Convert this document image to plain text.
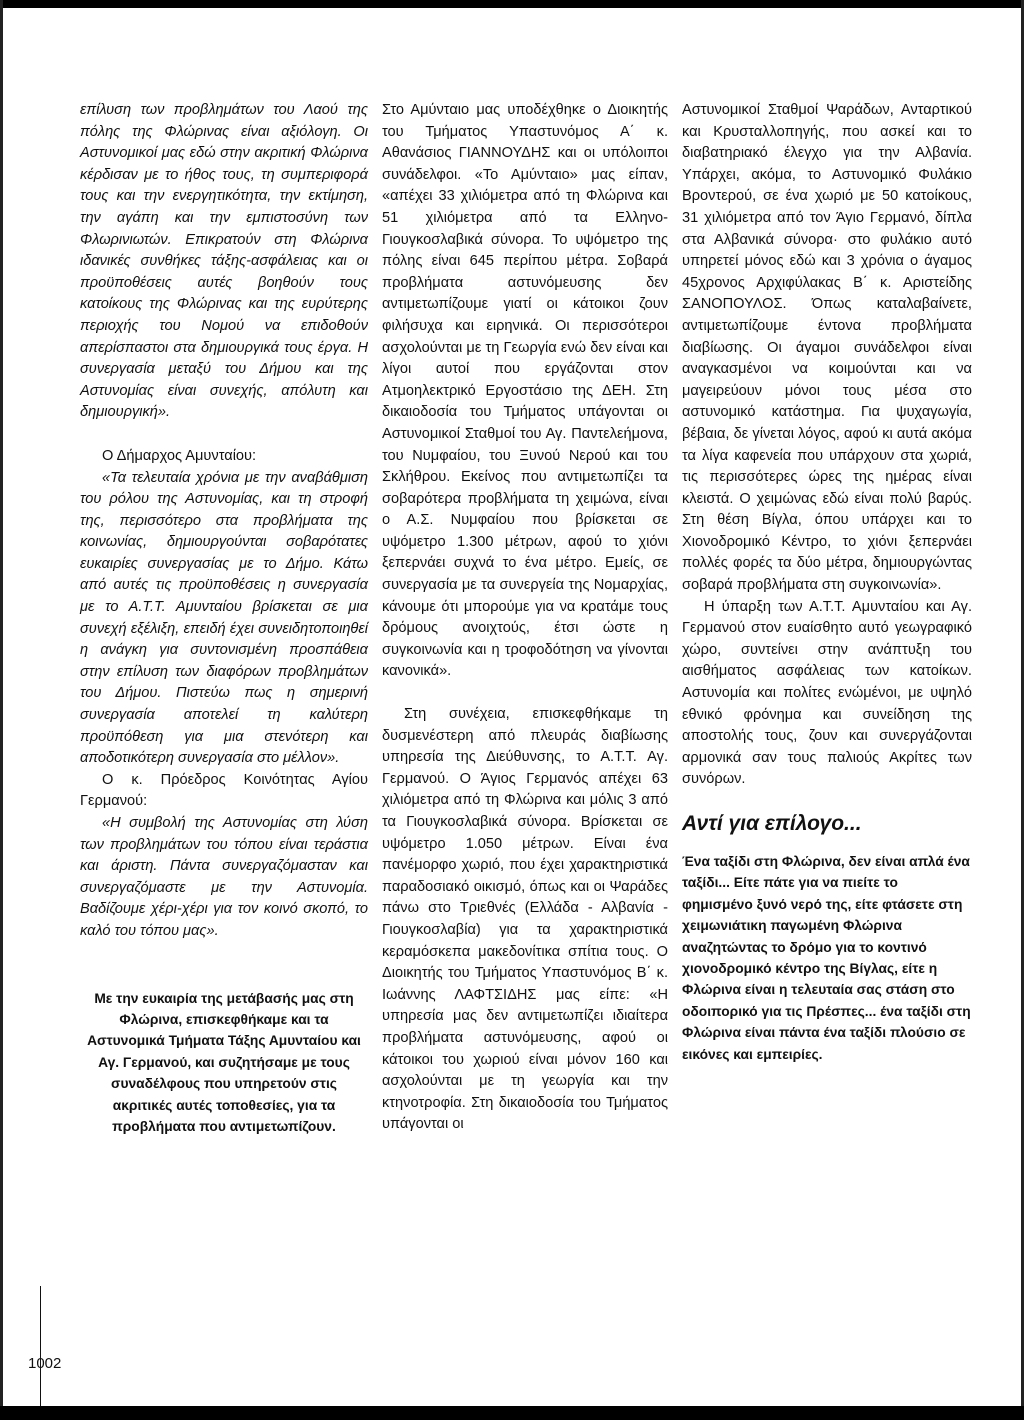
επίλυση των προβλημάτων του Λαού της πόλης της Φλώρινας είναι αξιόλογη. Οι Αστυνομικοί μας εδώ στην ακριτική Φλώρινα κέρδισαν με το ήθος τους, τη συμπεριφορά τους και την ενεργητικότητα, την εκτίμηση, την αγάπη και την εμπιστοσύνη των Φλωρινιωτών. Επικρατούν στη Φλώρινα ιδανικές συνθήκες τάξης-ασφάλειας και οι προϋποθέσεις αυτές βοηθούν τους κατοίκους της Φλώρινας και της ευρύτερης περιοχής του Νομού να επιδοθούν απερίσπαστοι στα δημιουργικά τους έργα. Η συνεργασία μεταξύ του Δήμου και της Αστυνομίας είναι συνεχής, απόλυτη και δημιουργική».

Ο Δήμαρχος Αμυνταίου:

«Τα τελευταία χρόνια με την αναβάθμιση του ρόλου της Αστυνομίας, και τη στροφή της, περισσότερο στα προβλήματα της κοινωνίας, δημιουργούνται σοβαρότατες ευκαιρίες συνεργασίας με το Δήμο. Κάτω από αυτές τις προϋποθέσεις η συνεργασία με το Α.Τ.Τ. Αμυνταίου βρίσκεται σε μια συνεχή εξέλιξη, επειδή έχει συνειδητοποιηθεί η ανάγκη για συντονισμένη προσπάθεια στην επίλυση των διαφόρων προβλημάτων του Δήμου. Πιστεύω πως η σημερινή συνεργασία αποτελεί τη καλύτερη προϋπόθεση για μια στενότερη και αποδοτικότερη συνεργασία στο μέλλον».

Ο κ. Πρόεδρος Κοινότητας Αγίου Γερμανού:

«Η συμβολή της Αστυνομίας στη λύση των προβλημάτων του τόπου είναι τεράστια και άριστη. Πάντα συνεργαζόμασταν και συνεργαζόμαστε με την Αστυνομία. Βαδίζουμε χέρι-χέρι για τον κοινό σκοπό, το καλό του τόπου μας».

Με την ευκαιρία της μετάβασής μας στη Φλώρινα, επισκεφθήκαμε και τα Αστυνομικά Τμήματα Τάξης Αμυνταίου και Αγ. Γερμανού, και συζητήσαμε με τους συναδέλφους που υπηρετούν στις ακριτικές αυτές τοποθεσίες, για τα προβλήματα που αντιμετωπίζουν.

Στο Αμύνταιο μας υποδέχθηκε ο Διοικητής του Τμήματος Υπαστυνόμος Α΄ κ. Αθανάσιος ΓΙΑΝΝΟΥΔΗΣ και οι υπόλοιποι συνάδελφοι. «Το Αμύνταιο» μας είπαν, «απέχει 33 χιλιόμετρα από τη Φλώρινα και 51 χιλιόμετρα από τα Ελληνο-Γιουγκοσλαβικά σύνορα. Το υψόμετρο της πόλης είναι 645 περίπου μέτρα. Σοβαρά προβλήματα αστυνόμευσης δεν αντιμετωπίζουμε γιατί οι κάτοικοι ζουν φιλήσυχα και ειρηνικά. Οι περισσότεροι ασχολούνται με τη Γεωργία ενώ δεν είναι και λίγοι αυτοί που εργάζονται στον Ατμοηλεκτρικό Εργοστάσιο της ΔΕΗ. Στη δικαιοδοσία του Τμήματος υπάγονται οι Αστυνομικοί Σταθμοί του Αγ. Παντελεήμονα, του Νυμφαίου, του Ξυνού Νερού και του Σκλήθρου. Εκείνος που αντιμετωπίζει τα σοβαρότερα προβλήματα τη χειμώνα, είναι ο Α.Σ. Νυμφαίου που βρίσκεται σε υψόμετρο 1.300 μέτρων, αφού το χιόνι ξεπερνάει συχνά το ένα μέτρο. Εμείς, σε συνεργασία με τα συνεργεία της Νομαρχίας, κάνουμε ότι μπορούμε για να κρατάμε τους δρόμους ανοιχτούς, έτσι ώστε η συγκοινωνία και η τροφοδότηση να γίνονται κανονικά».

Στη συνέχεια, επισκεφθήκαμε τη δυσμενέστερη από πλευράς διαβίωσης υπηρεσία της Διεύθυνσης, το Α.Τ.Τ. Αγ. Γερμανού. Ο Άγιος Γερμανός απέχει 63 χιλιόμετρα από τη Φλώρινα και μόλις 3 από τα Γιουγκοσλαβικά σύνορα. Βρίσκεται σε υψόμετρο 1.050 μέτρων. Είναι ένα πανέμορφο χωριό, που έχει χαρακτηριστικά παραδοσιακό οικισμό, όπως και οι Ψαράδες πάνω στο Τριεθνές (Ελλάδα - Αλβανία - Γιουγκοσλαβία) για τα χαρακτηριστικά κεραμόσκεπα μακεδονίτικα σπίτια τους. Ο Διοικητής του Τμήματος Υπαστυνόμος Β΄ κ. Ιωάννης ΛΑΦΤΣΙΔΗΣ μας είπε: «Η υπηρεσία μας δεν αντιμετωπίζει ιδιαίτερα προβλήματα αστυνόμευσης, αφού οι κάτοικοι του χωριού είναι μόνον 160 και ασχολούνται με τη γεωργία και την κτηνοτροφία. Στη δικαιοδοσία του Τμήματος υπάγονται οι

Αστυνομικοί Σταθμοί Ψαράδων, Ανταρτικού και Κρυσταλλοπηγής, που ασκεί και το διαβατηριακό έλεγχο για την Αλβανία. Υπάρχει, ακόμα, το Αστυνομικό Φυλάκιο Βροντερού, σε ένα χωριό με 50 κατοίκους, 31 χιλιόμετρα από τον Άγιο Γερμανό, δίπλα στα Αλβανικά σύνορα· στο φυλάκιο αυτό υπηρετεί μόνος εδώ και 3 χρόνια ο άγαμος 45χρονος Αρχιφύλακας Β΄ κ. Αριστείδης ΣΑΝΟΠΟΥΛΟΣ. Όπως καταλαβαίνετε, αντιμετωπίζουμε έντονα προβλήματα διαβίωσης. Οι άγαμοι συνάδελφοι είναι αναγκασμένοι να κοιμούνται και να μαγειρεύουν μόνοι τους μέσα στο αστυνομικό κατάστημα. Για ψυχαγωγία, βέβαια, δε γίνεται λόγος, αφού κι αυτά ακόμα τα λίγα καφενεία που υπάρχουν στα χωριά, τις περισσότερες ώρες της ημέρας είναι κλειστά. Ο χειμώνας εδώ είναι πολύ βαρύς. Στη θέση Βίγλα, όπου υπάρχει και το Χιονοδρομικό Κέντρο, το χιόνι ξεπερνάει πολλές φορές τα δύο μέτρα, δημιουργώντας σοβαρά προβλήματα στη συγκοινωνία».

Η ύπαρξη των Α.Τ.Τ. Αμυνταίου και Αγ. Γερμανού στον ευαίσθητο αυτό γεωγραφικό χώρο, συντείνει στην ανάπτυξη του αισθήματος ασφάλειας των κατοίκων. Αστυνομία και πολίτες ενώμένοι, με υψηλό εθνικό φρόνημα και συνείδηση της αποστολής τους, ζουν και συνεργάζονται αρμονικά σαν τους παλιούς Ακρίτες των συνόρων.

Αντί για επίλογο...

Ένα ταξίδι στη Φλώρινα, δεν είναι απλά ένα ταξίδι... Είτε πάτε για να πιείτε το φημισμένο ξυνό νερό της, είτε φτάσετε στη χειμωνιάτικη παγωμένη Φλώρινα αναζητώντας το δρόμο για το κοντινό χιονοδρομικό κέντρο της Βίγλας, είτε η Φλώρινα είναι η τελευταία σας στάση στο οδοιπορικό για τις Πρέσπες... ένα ταξίδι στη Φλώρινα είναι πάντα ένα ταξίδι πλούσιο σε εικόνες και εμπειρίες.

1002
